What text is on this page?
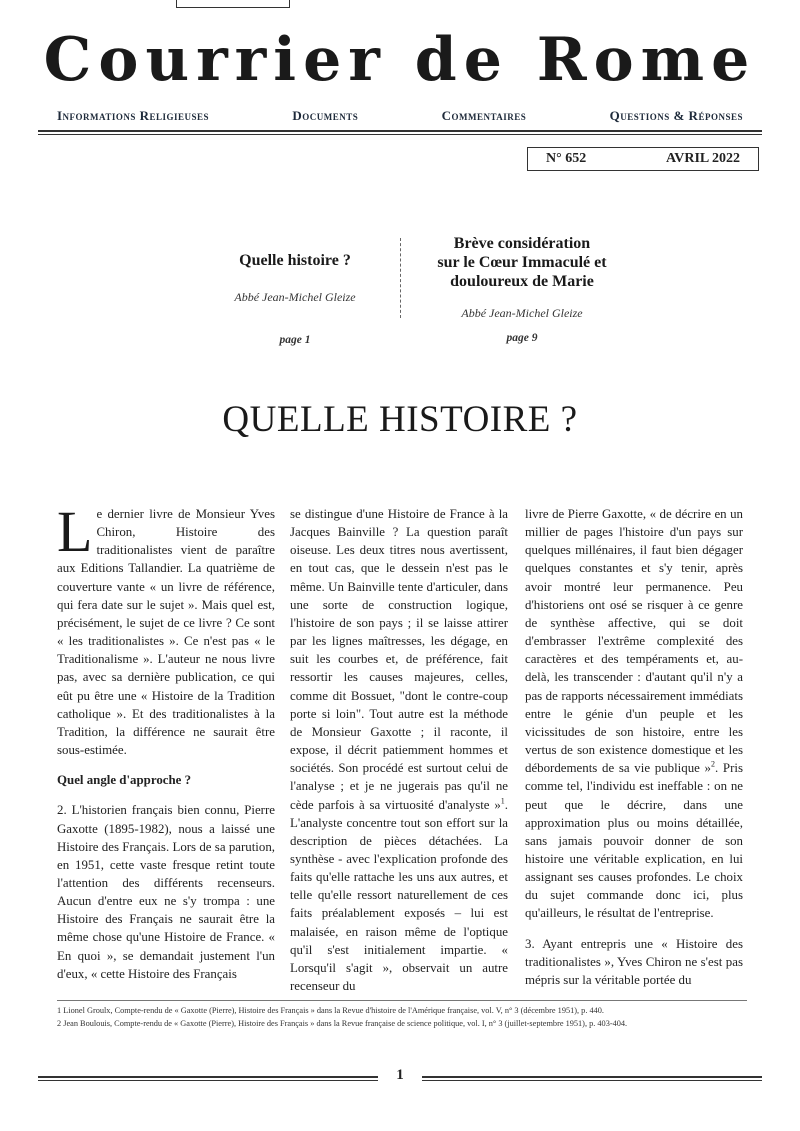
Courrier de Rome
Informations Religieuses	Documents	Commentaires	Questions & Réponses
N° 652	AVRIL 2022
Quelle histoire ?
Abbé Jean-Michel Gleize
page 1
Brève considération
sur le Cœur Immaculé et
douloureux de Marie
Abbé Jean-Michel Gleize
page 9
QUELLE HISTOIRE ?

Le dernier livre de Monsieur Yves Chiron, Histoire des traditionalistes vient de paraître aux Editions Tallandier. La quatrième de couverture vante « un livre de référence, qui fera date sur le sujet ». Mais quel est, précisément, le sujet de ce livre ? Ce sont « les traditionalistes ». Ce n'est pas « le Traditionalisme ». L'auteur ne nous livre pas, avec sa dernière publication, ce qui eût pu être une « Histoire de la Tradition catholique ». Et des traditionalistes à la Tradition, la différence ne saurait être sous-estimée.

Quel angle d'approche ?

2. L'historien français bien connu, Pierre Gaxotte (1895-1982), nous a laissé une Histoire des Français. Lors de sa parution, en 1951, cette vaste fresque retint toute l'attention des différents recenseurs. Aucun d'entre eux ne s'y trompa : une Histoire des Français ne saurait être la même chose qu'une Histoire de France. « En quoi », se demandait justement l'un d'eux, « cette Histoire des Français

se distingue d'une Histoire de France à la Jacques Bainville ? La question paraît oiseuse. Les deux titres nous avertissent, en tout cas, que le dessein n'est pas le même. Un Bainville tente d'articuler, dans une sorte de construction logique, l'histoire de son pays ; il se laisse attirer par les lignes maîtresses, les dégage, en suit les courbes et, de préférence, fait ressortir les causes majeures, celles, comme dit Bossuet, "dont le contre-coup porte si loin". Tout autre est la méthode de Monsieur Gaxotte ; il raconte, il expose, il décrit patiemment hommes et sociétés. Son procédé est surtout celui de l'analyse ; et je ne jugerais pas qu'il ne cède parfois à sa virtuosité d'analyste »$^1$. L'analyste concentre tout son effort sur la description de pièces détachées. La synthèse - avec l'explication profonde des faits qu'elle rattache les uns aux autres, et telle qu'elle ressort naturellement de ces faits préalablement exposés – lui est malaisée, en raison même de l'optique qu'il s'est initialement impartie. « Lorsqu'il s'agit », observait un autre recenseur du

livre de Pierre Gaxotte, « de décrire en un millier de pages l'histoire d'un pays sur quelques millénaires, il faut bien dégager quelques constantes et s'y tenir, après avoir montré leur permanence. Peu d'historiens ont osé se risquer à ce genre de synthèse affective, qui se doit d'embrasser l'extrême complexité des caractères et des tempéraments et, au-delà, les transcender : d'autant qu'il n'y a pas de rapports nécessairement immédiats entre le génie d'un peuple et les vicissitudes de son histoire, entre les vertus de son existence domestique et les débordements de sa vie publique »$^2$. Pris comme tel, l'individu est ineffable : on ne peut que le décrire, dans une approximation plus ou moins détaillée, sans jamais pouvoir donner de son histoire une véritable explication, en lui assignant ses causes profondes. Le choix du sujet commande donc ici, plus qu'ailleurs, le résultat de l'entreprise.

3. Ayant entrepris une « Histoire des traditionalistes », Yves Chiron ne s'est pas mépris sur la véritable portée du

1 Lionel Groulx, Compte-rendu de « Gaxotte (Pierre), Histoire des Français » dans la Revue d'histoire de l'Amérique française, vol. V, n° 3 (décembre 1951), p. 440.

2 Jean Boulouis, Compte-rendu de « Gaxotte (Pierre), Histoire des Français » dans la Revue française de science politique, vol. I, n° 3 (juillet-septembre 1951), p. 403-404.

1
